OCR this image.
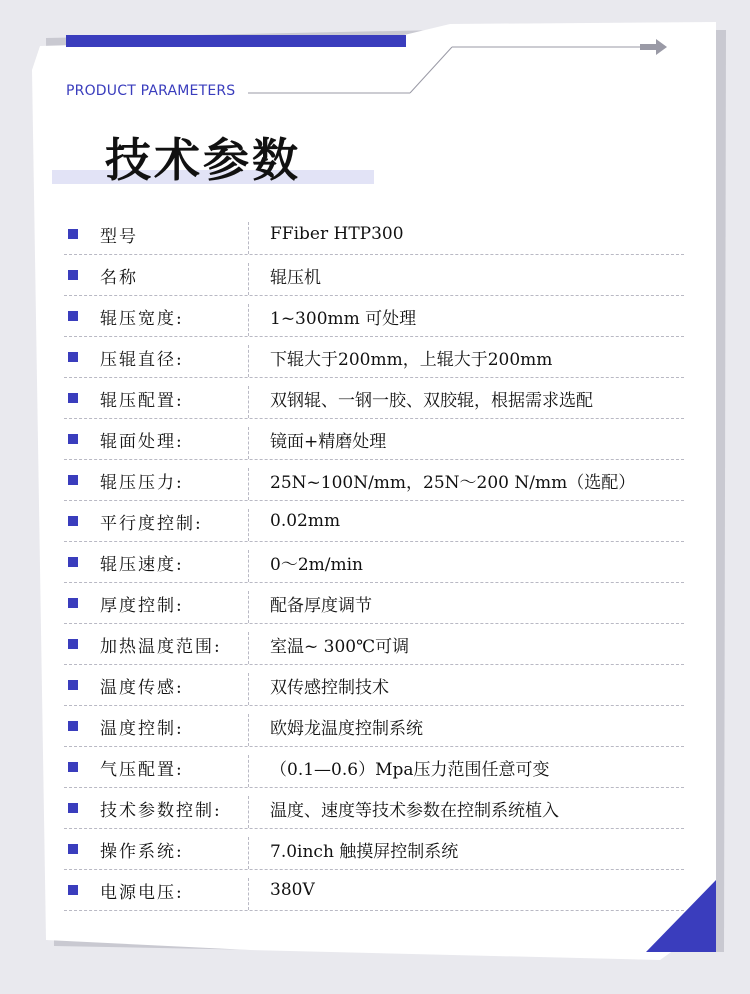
PRODUCT PARAMETERS
技术参数
型号	FFiber HTP300
名称	辊压机
辊压宽度:	1~300mm 可处理
压辊直径:	下辊大于200mm，上辊大于200mm
辊压配置:	双钢辊、一钢一胶、双胶辊，根据需求选配
辊面处理:	镜面+精磨处理
辊压压力:	25N~100N/mm，25N～200 N/mm（选配）
平行度控制:	0.02mm
辊压速度:	0～2m/min
厚度控制:	配备厚度调节
加热温度范围:	室温~ 300℃可调
温度传感:	双传感控制技术
温度控制:	欧姆龙温度控制系统
气压配置:	（0.1—0.6）Mpa压力范围任意可变
技术参数控制:	温度、速度等技术参数在控制系统植入
操作系统:	7.0inch 触摸屏控制系统
电源电压:	380V
